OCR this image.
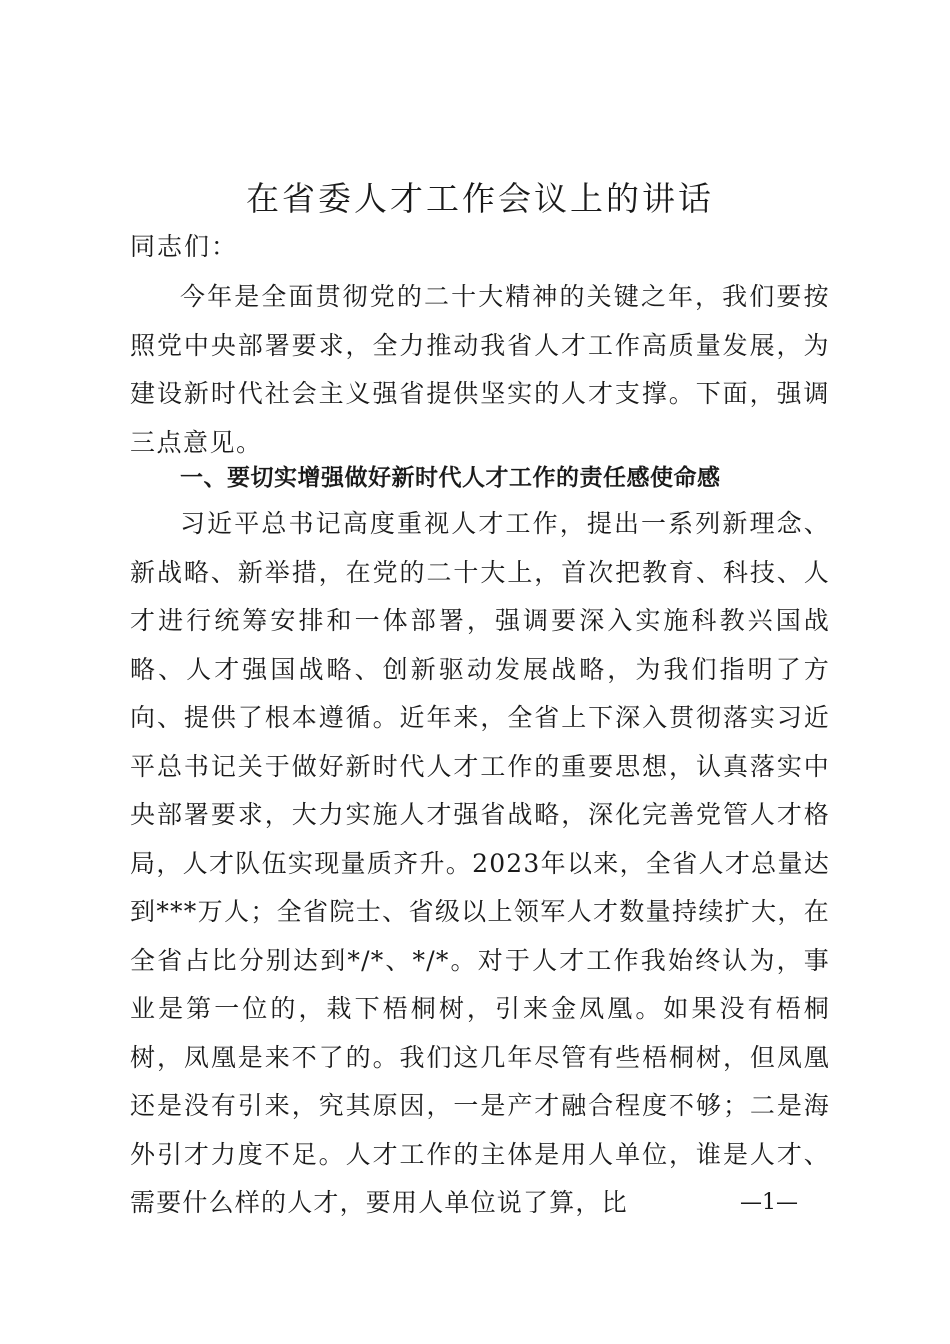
在省委人才工作会议上的讲话

同志们：

今年是全面贯彻党的二十大精神的关键之年，我们要按照党中央部署要求，全力推动我省人才工作高质量发展，为建设新时代社会主义强省提供坚实的人才支撑。下面，强调三点意见。

一、要切实增强做好新时代人才工作的责任感使命感

习近平总书记高度重视人才工作，提出一系列新理念、新战略、新举措，在党的二十大上，首次把教育、科技、人才进行统筹安排和一体部署，强调要深入实施科教兴国战略、人才强国战略、创新驱动发展战略，为我们指明了方向、提供了根本遵循。近年来，全省上下深入贯彻落实习近平总书记关于做好新时代人才工作的重要思想，认真落实中央部署要求，大力实施人才强省战略，深化完善党管人才格局，人才队伍实现量质齐升。2023年以来，全省人才总量达到***万人；全省院士、省级以上领军人才数量持续扩大，在全省占比分别达到*/*、*/*。对于人才工作我始终认为，事业是第一位的，栽下梧桐树，引来金凤凰。如果没有梧桐树，凤凰是来不了的。我们这几年尽管有些梧桐树，但凤凰还是没有引来，究其原因，一是产才融合程度不够；二是海外引才力度不足。人才工作的主体是用人单位，谁是人才、需要什么样的人才，要用人单位说了算，比	—1—
